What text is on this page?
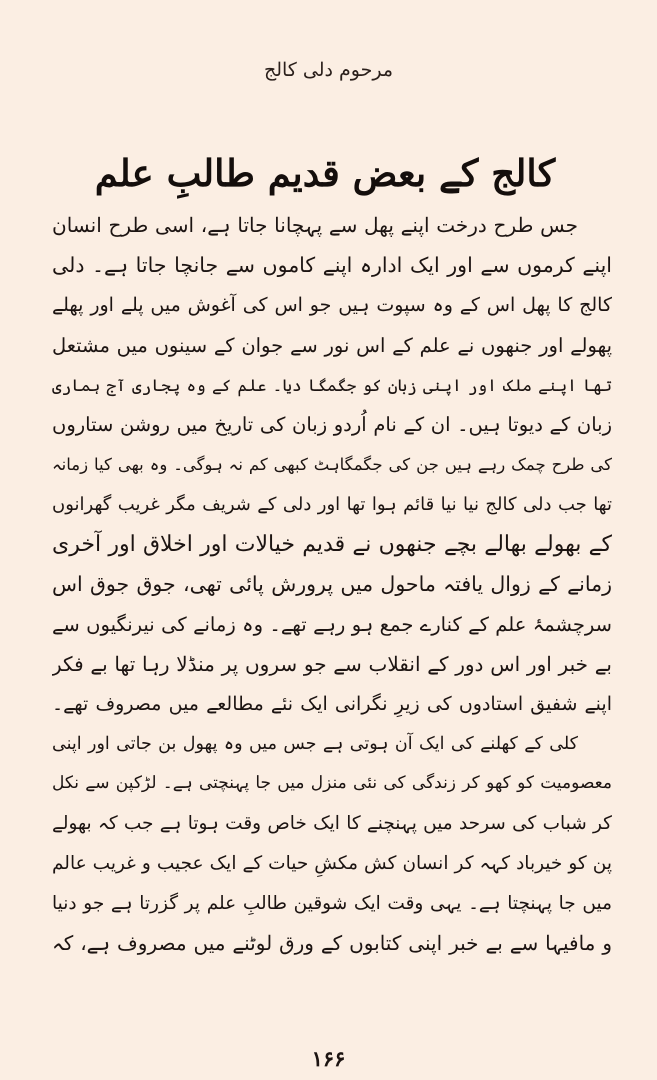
مرحوم دلی کالج
کالج کے بعض قدیم طالبِ علم
جس طرح درخت اپنے پھل سے پہچانا جاتا ہے، اسی طرح انسان
اپنے کرموں سے اور ایک ادارہ اپنے کاموں سے جانچا جاتا ہے۔ دلی
کالج کا پھل اس کے وہ سپوت ہیں جو اس کی آغوش میں پلے اور پھلے
پھولے اور جنھوں نے علم کے اس نور سے جوان کے سینوں میں مشتعل
تھا اپنے ملک اور اپنی زبان کو جگمگا دیا۔ علم کے وہ پجاری آج ہماری
زبان کے دیوتا ہیں۔ ان کے نام اُردو زبان کی تاریخ میں روشن ستاروں
کی طرح چمک رہے ہیں جن کی جگمگاہٹ کبھی کم نہ ہوگی۔ وہ بھی کیا زمانہ
تھا جب دلی کالج نیا نیا قائم ہوا تھا اور دلی کے شریف مگر غریب گھرانوں
کے بھولے بھالے بچے جنھوں نے قدیم خیالات اور اخلاق اور آخری
زمانے کے زوال یافتہ ماحول میں پرورش پائی تھی، جوق جوق اس
سرچشمۂ علم کے کنارے جمع ہو رہے تھے۔ وہ زمانے کی نیرنگیوں سے
بے خبر اور اس دور کے انقلاب سے جو سروں پر منڈلا رہا تھا بے فکر
اپنے شفیق استادوں کی زیرِ نگرانی ایک نئے مطالعے میں مصروف تھے۔
کلی کے کھلنے کی ایک آن ہوتی ہے جس میں وہ پھول بن جاتی اور اپنی
معصومیت کو کھو کر زندگی کی نئی منزل میں جا پہنچتی ہے۔ لڑکپن سے نکل
کر شباب کی سرحد میں پہنچنے کا ایک خاص وقت ہوتا ہے جب کہ بھولے
پن کو خیرباد کہہ کر انسان کش مکشِ حیات کے ایک عجیب و غریب عالم
میں جا پہنچتا ہے۔ یہی وقت ایک شوقین طالبِ علم پر گزرتا ہے جو دنیا
و مافیہا سے بے خبر اپنی کتابوں کے ورق لوٹنے میں مصروف ہے، کہ
۱۶۶
